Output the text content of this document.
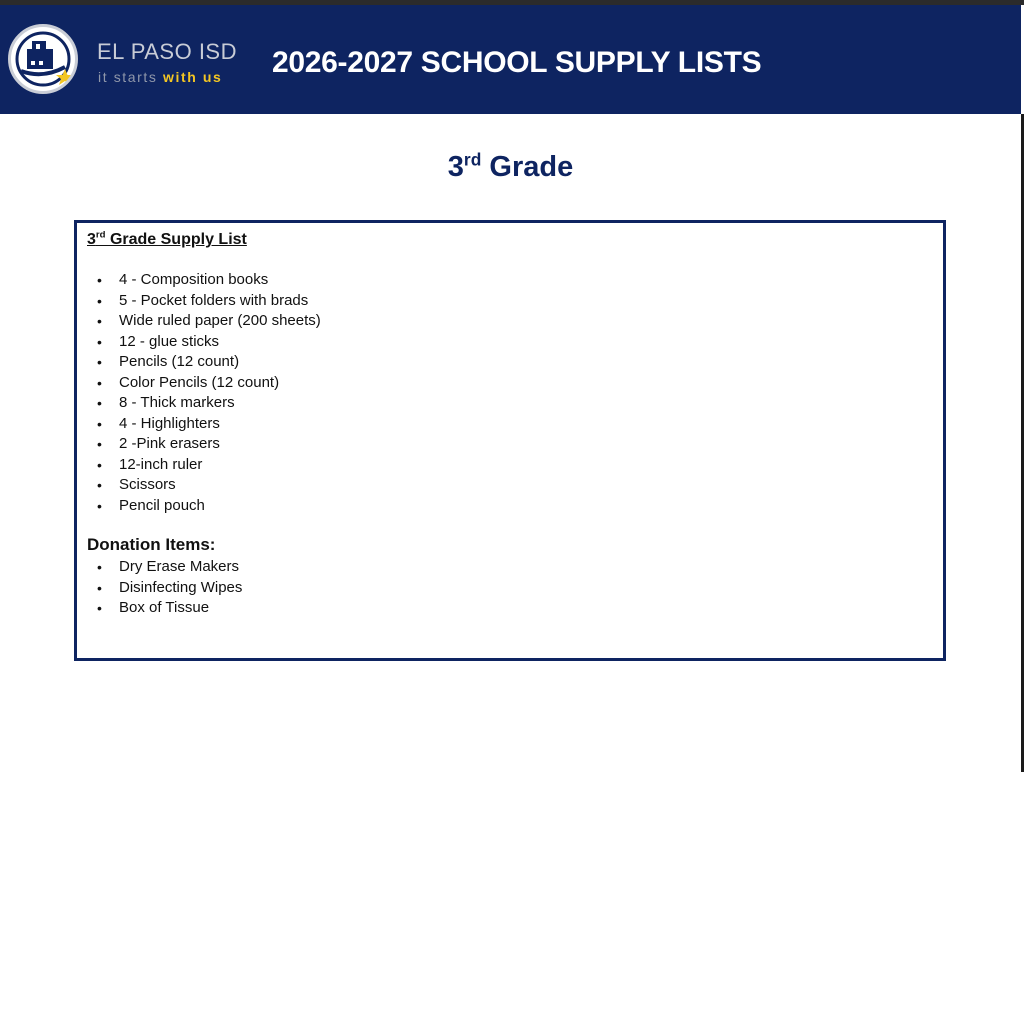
EL PASO ISD
it starts with us 2026-2027 SCHOOL SUPPLY LISTS
3rd Grade
3rd Grade Supply List
• 4 - Composition books
• 5 - Pocket folders with brads
• Wide ruled paper (200 sheets)
• 12 - glue sticks
• Pencils (12 count)
• Color Pencils (12 count)
• 8 - Thick markers
• 4 - Highlighters
• 2 -Pink erasers
• 12-inch ruler
• Scissors
• Pencil pouch
Donation Items:
• Dry Erase Makers
• Disinfecting Wipes
• Box of Tissue
